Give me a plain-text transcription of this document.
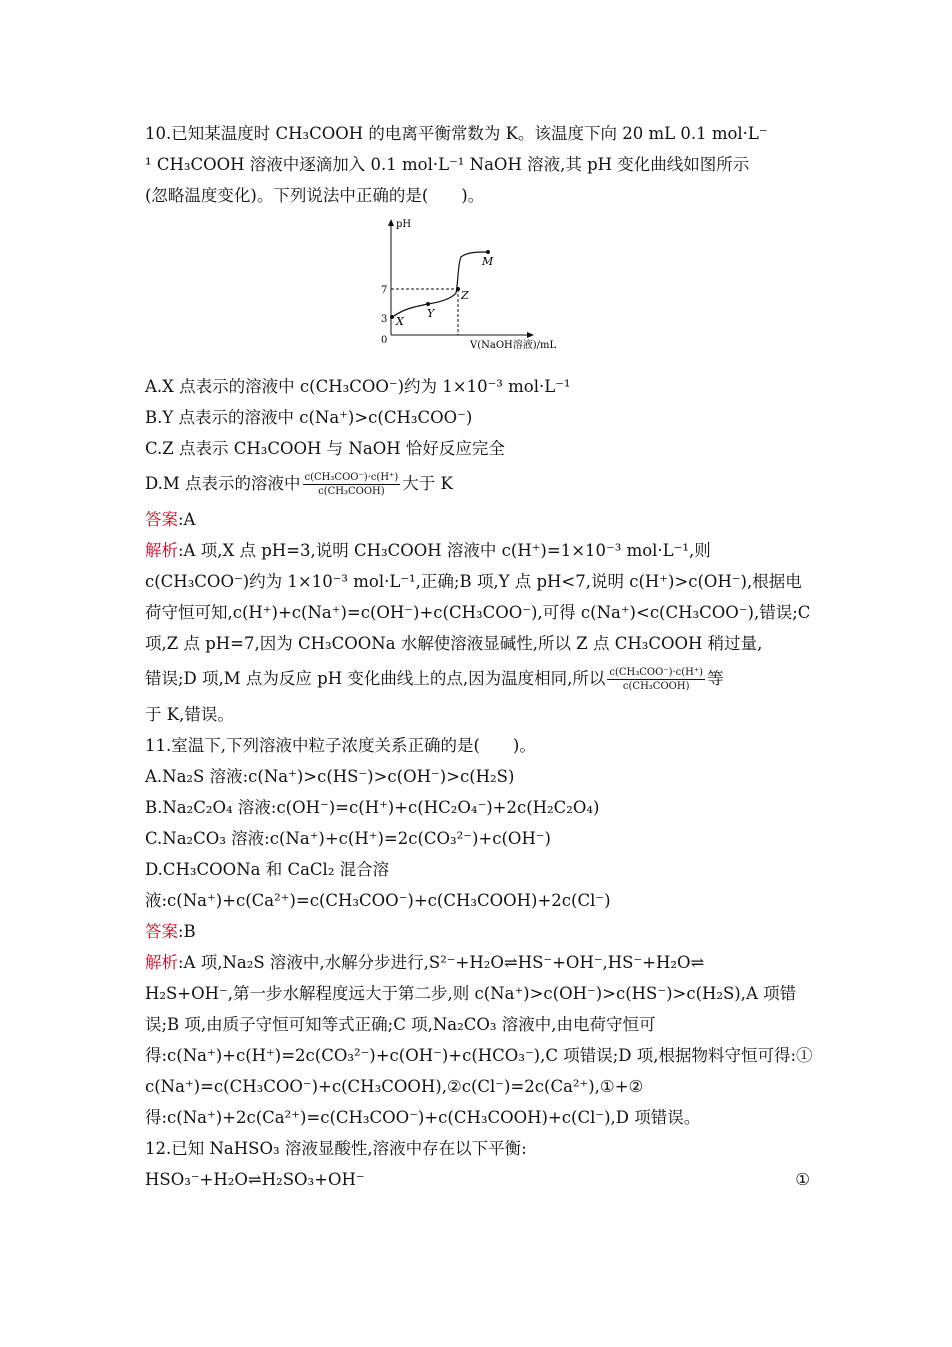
10.已知某温度时 CH₃COOH 的电离平衡常数为 K。该温度下向 20 mL 0.1 mol·L⁻
¹ CH₃COOH 溶液中逐滴加入 0.1 mol·L⁻¹ NaOH 溶液,其 pH 变化曲线如图所示
(忽略温度变化)。下列说法中正确的是(　　)。
pH
0	V(NaOH溶液)/mL
7
3 X
Y
Z
M
A.X 点表示的溶液中 c(CH₃COO⁻)约为 1×10⁻³ mol·L⁻¹
B.Y 点表示的溶液中 c(Na⁺)>c(CH₃COO⁻)
C.Z 点表示 CH₃COOH 与 NaOH 恰好反应完全
D.M 点表示的溶液中 $\frac{\text{c(CH₃COO⁻)·c(H⁺)}}{\text{c(CH₃COOH)}}$ 大于 K
答案:A
解析:A 项,X 点 pH=3,说明 CH₃COOH 溶液中 c(H⁺)=1×10⁻³ mol·L⁻¹,则
c(CH₃COO⁻)约为 1×10⁻³ mol·L⁻¹,正确;B 项,Y 点 pH<7,说明 c(H⁺)>c(OH⁻),根据电
荷守恒可知,c(H⁺)+c(Na⁺)=c(OH⁻)+c(CH₃COO⁻),可得 c(Na⁺)<c(CH₃COO⁻),错误;C
项,Z 点 pH=7,因为 CH₃COONa 水解使溶液显碱性,所以 Z 点 CH₃COOH 稍过量,
错误;D 项,M 点为反应 pH 变化曲线上的点,因为温度相同,所以 $\frac{\text{c(CH₃COO⁻)·c(H⁺)}}{\text{c(CH₃COOH)}}$ 等
于 K,错误。
11.室温下,下列溶液中粒子浓度关系正确的是(　　)。
A.Na₂S 溶液:c(Na⁺)>c(HS⁻)>c(OH⁻)>c(H₂S)
B.Na₂C₂O₄ 溶液:c(OH⁻)=c(H⁺)+c(HC₂O₄⁻)+2c(H₂C₂O₄)
C.Na₂CO₃ 溶液:c(Na⁺)+c(H⁺)=2c(CO₃²⁻)+c(OH⁻)
D.CH₃COONa 和 CaCl₂ 混合溶
液:c(Na⁺)+c(Ca²⁺)=c(CH₃COO⁻)+c(CH₃COOH)+2c(Cl⁻)
答案:B
解析:A 项,Na₂S 溶液中,水解分步进行,S²⁻+H₂O⇌HS⁻+OH⁻,HS⁻+H₂O⇌
H₂S+OH⁻,第一步水解程度远大于第二步,则 c(Na⁺)>c(OH⁻)>c(HS⁻)>c(H₂S),A 项错
误;B 项,由质子守恒可知等式正确;C 项,Na₂CO₃ 溶液中,由电荷守恒可
得:c(Na⁺)+c(H⁺)=2c(CO₃²⁻)+c(OH⁻)+c(HCO₃⁻),C 项错误;D 项,根据物料守恒可得:①
c(Na⁺)=c(CH₃COO⁻)+c(CH₃COOH),②c(Cl⁻)=2c(Ca²⁺),①+②
得:c(Na⁺)+2c(Ca²⁺)=c(CH₃COO⁻)+c(CH₃COOH)+c(Cl⁻),D 项错误。
12.已知 NaHSO₃ 溶液显酸性,溶液中存在以下平衡:
HSO₃⁻+H₂O⇌H₂SO₃+OH⁻	①
